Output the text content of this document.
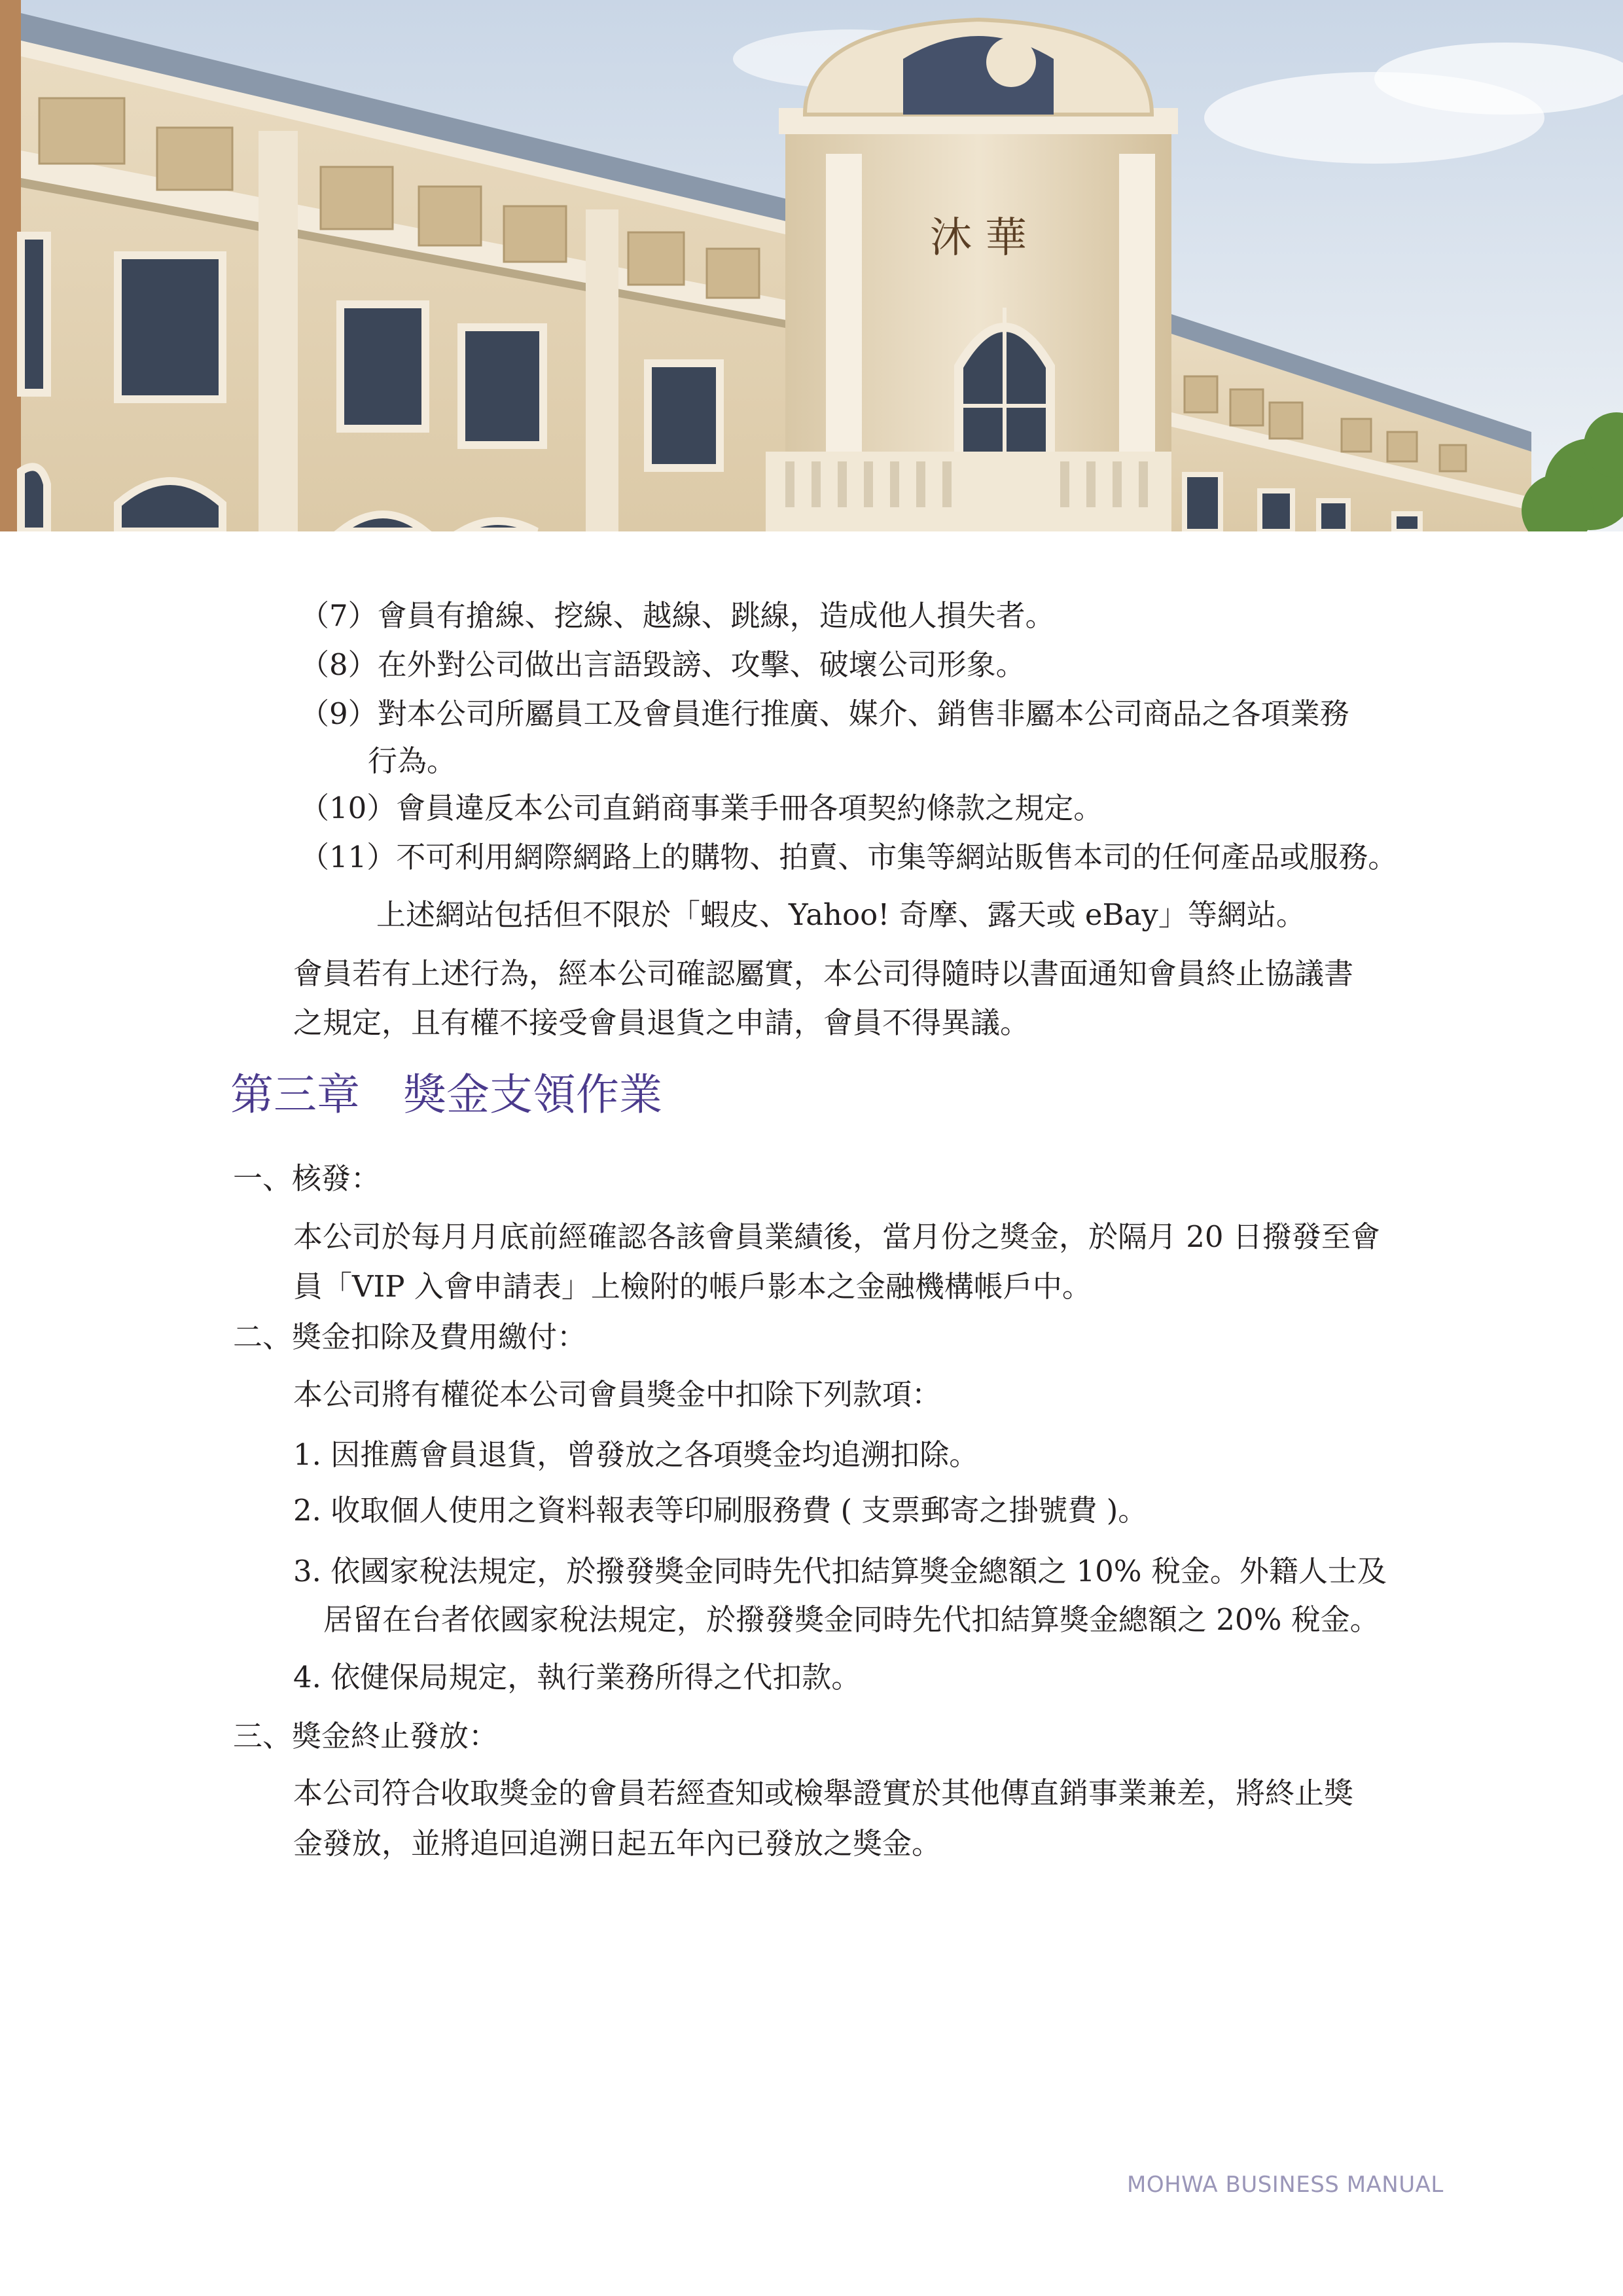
沐 華
（7）會員有搶線、挖線、越線、跳線，造成他人損失者。
（8）在外對公司做出言語毀謗、攻擊、破壞公司形象。
（9）對本公司所屬員工及會員進行推廣、媒介、銷售非屬本公司商品之各項業務
行為。
（10）會員違反本公司直銷商事業手冊各項契約條款之規定。
（11）不可利用網際網路上的購物、拍賣、市集等網站販售本司的任何產品或服務。
上述網站包括但不限於「蝦皮、Yahoo! 奇摩、露天或 eBay」等網站。
會員若有上述行為，經本公司確認屬實，本公司得隨時以書面通知會員終止協議書
之規定，且有權不接受會員退貨之申請，會員不得異議。
第三章　獎金支領作業
一、核發：
本公司於每月月底前經確認各該會員業績後，當月份之獎金，於隔月 20 日撥發至會
員「VIP 入會申請表」上檢附的帳戶影本之金融機構帳戶中。
二、獎金扣除及費用繳付：
本公司將有權從本公司會員獎金中扣除下列款項：
1. 因推薦會員退貨，曾發放之各項獎金均追溯扣除。
2. 收取個人使用之資料報表等印刷服務費 ( 支票郵寄之掛號費 )。
3. 依國家稅法規定，於撥發獎金同時先代扣結算獎金總額之 10% 稅金。外籍人士及
居留在台者依國家稅法規定，於撥發獎金同時先代扣結算獎金總額之 20% 稅金。
4. 依健保局規定，執行業務所得之代扣款。
三、獎金終止發放：
本公司符合收取獎金的會員若經查知或檢舉證實於其他傳直銷事業兼差，將終止獎
金發放，並將追回追溯日起五年內已發放之獎金。
MOHWA BUSINESS MANUAL
